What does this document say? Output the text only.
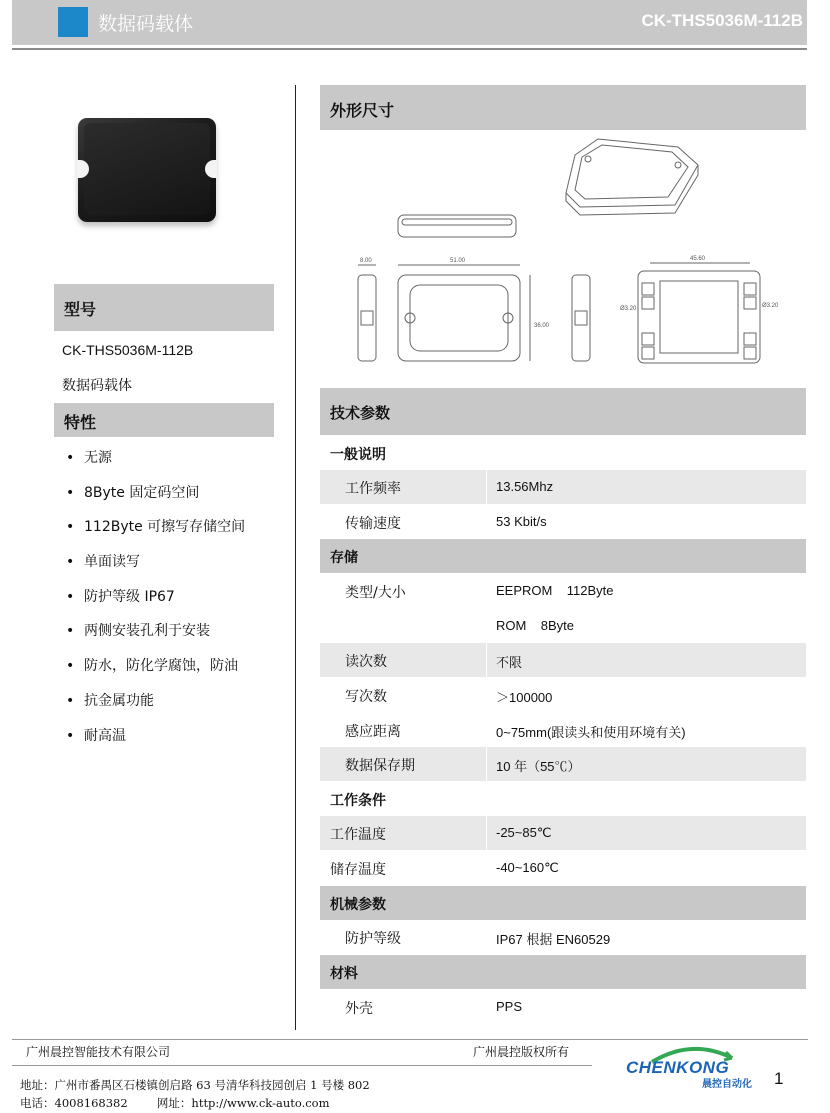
数据码载体	CK-THS5036M-112B
型号
CK-THS5036M-112B
数据码载体
特性
• 无源
• 8Byte 固定码空间
• 112Byte 可擦写存储空间
• 单面读写
• 防护等级 IP67
• 两侧安装孔利于安装
• 防水，防化学腐蚀，防油
• 抗金属功能
• 耐高温
外形尺寸
8.00	51.00
36.00
45.60
Ø3.20	Ø3.20
技术参数
一般说明
工作频率	13.56Mhz
传输速度	53 Kbit/s
存储
类型/大小	EEPROM    112Byte
ROM    8Byte
读次数	不限
写次数	＞100000
感应距离	0~75mm(跟读头和使用环境有关)
数据保存期	10 年（55℃）
工作条件
工作温度	-25~85℃
储存温度	-40~160℃
机械参数
防护等级	IP67 根据 EN60529
材料
外壳	PPS
广州晨控智能技术有限公司	广州晨控版权所有
地址：广州市番禺区石楼镇创启路 63 号清华科技园创启 1 号楼 802
电话：4008168382        网址：http://www.ck-auto.com
CHENKONG
晨控自动化 1
